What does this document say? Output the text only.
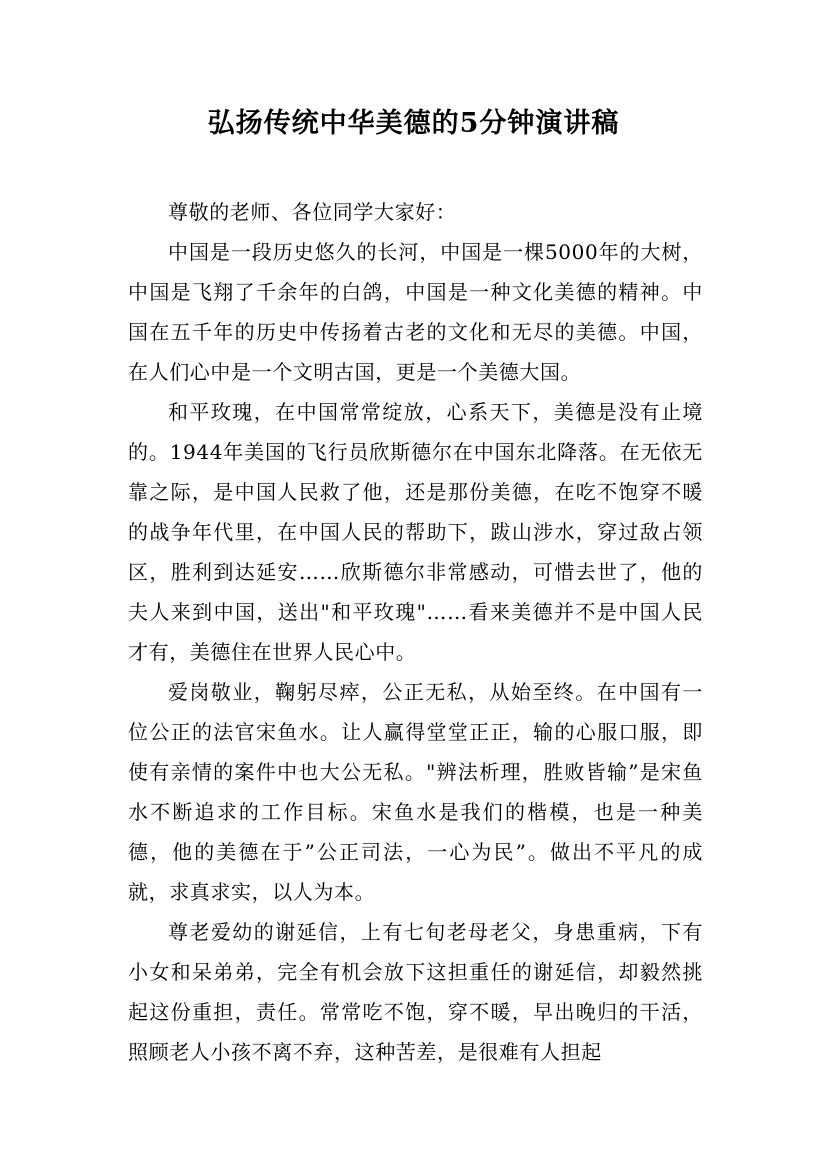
弘扬传统中华美德的5分钟演讲稿

尊敬的老师、各位同学大家好：

中国是一段历史悠久的长河，中国是一棵5000年的大树，中国是飞翔了千余年的白鸽，中国是一种文化美德的精神。中国在五千年的历史中传扬着古老的文化和无尽的美德。中国，在人们心中是一个文明古国，更是一个美德大国。

和平玫瑰，在中国常常绽放，心系天下，美德是没有止境的。1944年美国的飞行员欣斯德尔在中国东北降落。在无依无靠之际，是中国人民救了他，还是那份美德，在吃不饱穿不暖的战争年代里，在中国人民的帮助下，跋山涉水，穿过敌占领区，胜利到达延安……欣斯德尔非常感动，可惜去世了，他的夫人来到中国，送出"和平玫瑰"……看来美德并不是中国人民才有，美德住在世界人民心中。

爱岗敬业，鞠躬尽瘁，公正无私，从始至终。在中国有一位公正的法官宋鱼水。让人赢得堂堂正正，输的心服口服，即使有亲情的案件中也大公无私。"辨法析理，胜败皆输”是宋鱼水不断追求的工作目标。宋鱼水是我们的楷模，也是一种美德，他的美德在于”公正司法，一心为民”。做出不平凡的成就，求真求实，以人为本。

尊老爱幼的谢延信，上有七旬老母老父，身患重病，下有小女和呆弟弟，完全有机会放下这担重任的谢延信，却毅然挑起这份重担，责任。常常吃不饱，穿不暖，早出晚归的干活，照顾老人小孩不离不弃，这种苦差，是很难有人担起
